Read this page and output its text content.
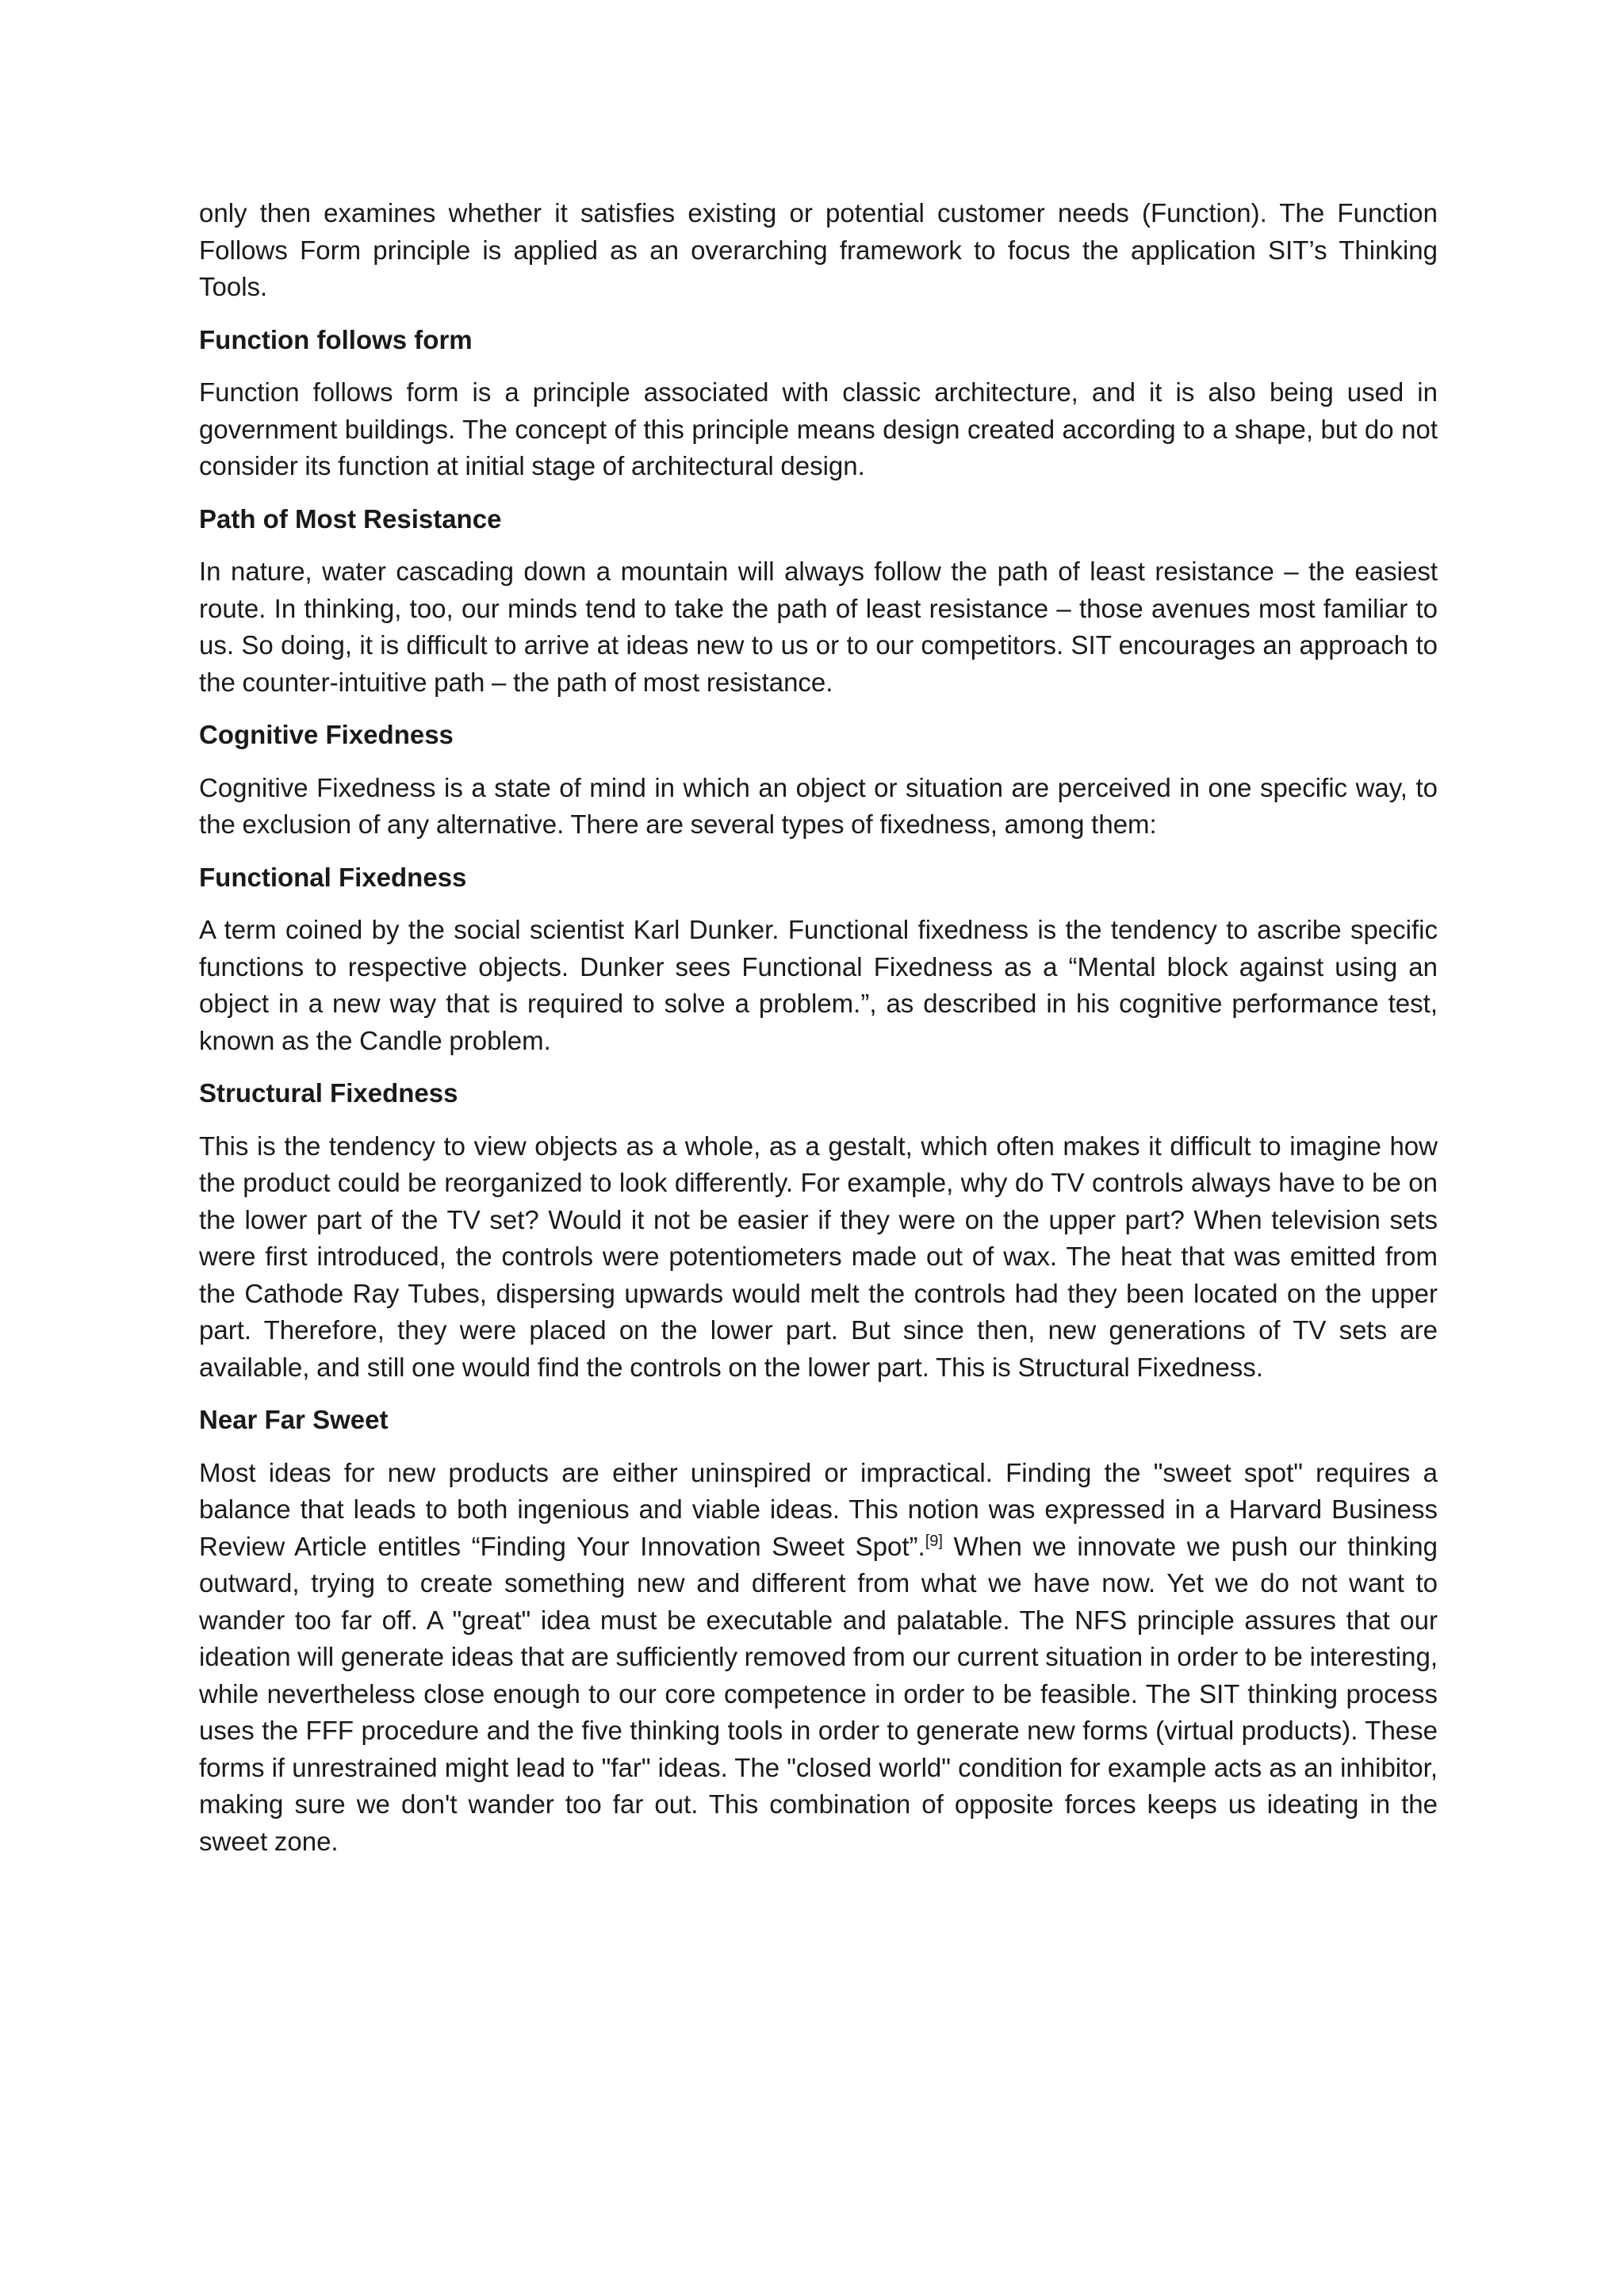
only then examines whether it satisfies existing or potential customer needs (Function). The Function Follows Form principle is applied as an overarching framework to focus the application SIT’s Thinking Tools.

Function follows form

Function follows form is a principle associated with classic architecture, and it is also being used in government buildings. The concept of this principle means design created according to a shape, but do not consider its function at initial stage of architectural design.

Path of Most Resistance

In nature, water cascading down a mountain will always follow the path of least resistance – the easiest route. In thinking, too, our minds tend to take the path of least resistance – those avenues most familiar to us. So doing, it is difficult to arrive at ideas new to us or to our competitors. SIT encourages an approach to the counter-intuitive path – the path of most resistance.

Cognitive Fixedness

Cognitive Fixedness is a state of mind in which an object or situation are perceived in one specific way, to the exclusion of any alternative. There are several types of fixedness, among them:

Functional Fixedness

A term coined by the social scientist Karl Dunker. Functional fixedness is the tendency to ascribe specific functions to respective objects. Dunker sees Functional Fixedness as a “Mental block against using an object in a new way that is required to solve a problem.”, as described in his cognitive performance test, known as the Candle problem.

Structural Fixedness

This is the tendency to view objects as a whole, as a gestalt, which often makes it difficult to imagine how the product could be reorganized to look differently. For example, why do TV controls always have to be on the lower part of the TV set? Would it not be easier if they were on the upper part? When television sets were first introduced, the controls were potentiometers made out of wax. The heat that was emitted from the Cathode Ray Tubes, dispersing upwards would melt the controls had they been located on the upper part. Therefore, they were placed on the lower part. But since then, new generations of TV sets are available, and still one would find the controls on the lower part. This is Structural Fixedness.

Near Far Sweet

Most ideas for new products are either uninspired or impractical. Finding the "sweet spot" requires a balance that leads to both ingenious and viable ideas. This notion was expressed in a Harvard Business Review Article entitles “Finding Your Innovation Sweet Spot”.[9] When we innovate we push our thinking outward, trying to create something new and different from what we have now. Yet we do not want to wander too far off. A "great" idea must be executable and palatable. The NFS principle assures that our ideation will generate ideas that are sufficiently removed from our current situation in order to be interesting, while nevertheless close enough to our core competence in order to be feasible. The SIT thinking process uses the FFF procedure and the five thinking tools in order to generate new forms (virtual products). These forms if unrestrained might lead to "far" ideas. The "closed world" condition for example acts as an inhibitor, making sure we don't wander too far out. This combination of opposite forces keeps us ideating in the sweet zone.
